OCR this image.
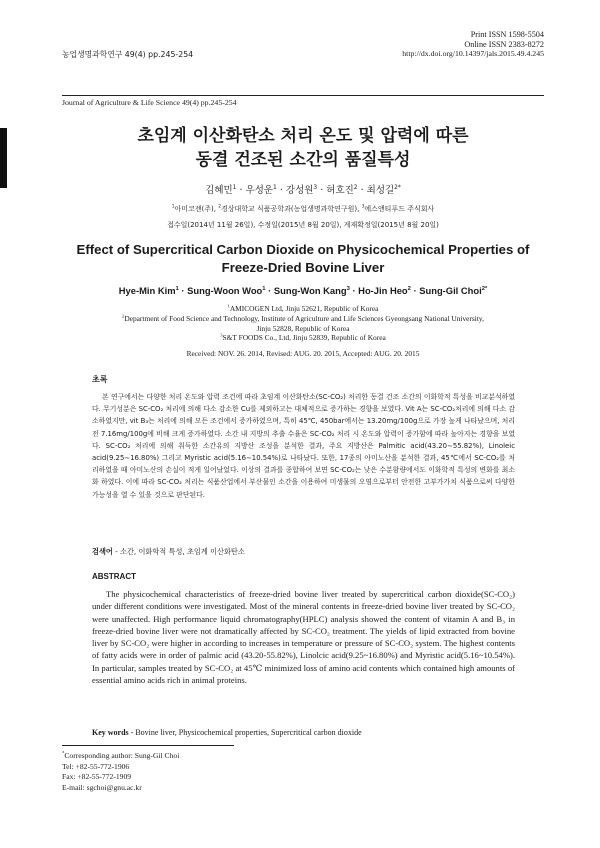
Print ISSN 1598-5504
Online ISSN 2383-8272
농업생명과학연구 49(4) pp.245-254	http://dx.doi.org/10.14397/jals.2015.49.4.245
Journal of Agriculture & Life Science 49(4) pp.245-254
초임계 이산화탄소 처리 온도 및 압력에 따른
동결 건조된 소간의 품질특성
김혜민$^1$ · 우성운$^1$ · 강성원$^3$ · 허호진$^2$ · 최성길$^{2*}$
$^1$아미코젠(주), $^2$경상대학교 식품공학과(농업생명과학연구원), $^3$에스앤티푸드 주식회사
접수일(2014년 11월 26일), 수정일(2015년 8월 20일), 게재확정일(2015년 8월 20일)
Effect of Supercritical Carbon Dioxide on Physicochemical Properties of
Freeze-Dried Bovine Liver
Hye-Min Kim$^1$ · Sung-Woon Woo$^1$ · Sung-Won Kang$^3$ · Ho-Jin Heo$^2$ · Sung-Gil Choi$^{2*}$
$^1$AMICOGEN Ltd, Jinju 52621, Republic of Korea
$^2$Department of Food Science and Technology, Institute of Agriculture and Life Sciences Gyeongsang National University,
Jinju 52828, Republic of Korea
$^3$S&T FOODS Co., Ltd, Jinju 52839, Republic of Korea
Received: NOV. 26. 2014, Revised: AUG. 20. 2015, Accepted: AUG. 20. 2015
초록
본 연구에서는 다양한 처리 온도와 압력 조건에 따라 초임계 이산화탄소(SC-CO₂) 처리한 동결 건조 소간의 이화학적 특성을 비교분석하였다. 무기성분은 SC-CO₂ 처리에 의해 다소 감소한 Cu를 제외하고는 대체적으로 증가하는 경향을 보였다. Vit A는 SC-CO₂처리에 의해 다소 감소하였지만, vit B₃는 처리에 의해 모든 조건에서 증가하였으며, 특히 45℃, 450bar에서는 13.20mg/100g으로 가장 높게 나타났으며, 처리 전 7.16mg/100g에 비해 크게 증가하였다. 소간 내 지방의 추출 수율은 SC-CO₂ 처리 시 온도와 압력이 증가함에 따라 높아지는 경향을 보였다. SC-CO₂ 처리에 의해 취득한 소간유의 지방산 조성을 분석한 결과, 주요 지방산은 Palmitic acid(43.20∼55.82%), Linoleic acid(9.25∼16.80%) 그리고 Myristic acid(5.16∼10.54%)로 나타났다. 또한, 17종의 아미노산을 분석한 결과, 45℃에서 SC-CO₂를 처리하였을 때 아미노산의 손실이 적게 일어났었다. 이상의 결과를 종합하여 보면 SC-CO₂는 낮은 수분함량에서도 이화학적 특성의 변화를 최소화 하였다. 이에 따라 SC-CO₂ 처리는 식품산업에서 부산물인 소간을 이용하여 미생물의 오염으로부터 안전한 고부가가치 식품으로써 다양한 가능성을 열 수 있을 것으로 판단된다.
검색어 - 소간, 이화학적 특성, 초임계 이산화탄소
ABSTRACT
The physicochemical characteristics of freeze-dried bovine liver treated by supercritical carbon dioxide(SC-CO₂) under different conditions were investigated. Most of the mineral contents in freeze-dried bovine liver treated by SC-CO₂ were unaffected. High performance liquid chromatography(HPLC) analysis showed the content of vitamin A and B₃ in freeze-dried bovine liver were not dramatically affected by SC-CO₂ treatment. The yields of lipid extracted from bovine liver by SC-CO₂ were higher in according to increases in temperature or pressure of SC-CO₂ system. The highest contents of fatty acids were in order of palmic acid (43.20-55.82%), Linolcic acid(9.25~16.80%) and Myristic acid(5.16~10.54%). In particular, samples treated by SC-CO₂ at 45℃ minimized loss of amino acid contents which contained high amounts of essential amino acids rich in animal proteins.
Key words - Bovine liver, Physicochemical properties, Supercritical carbon dioxide
*Corresponding author: Sung-Gil Choi
Tel: +82-55-772-1906
Fax: +82-55-772-1909
E-mail: sgchoi@gnu.ac.kr
